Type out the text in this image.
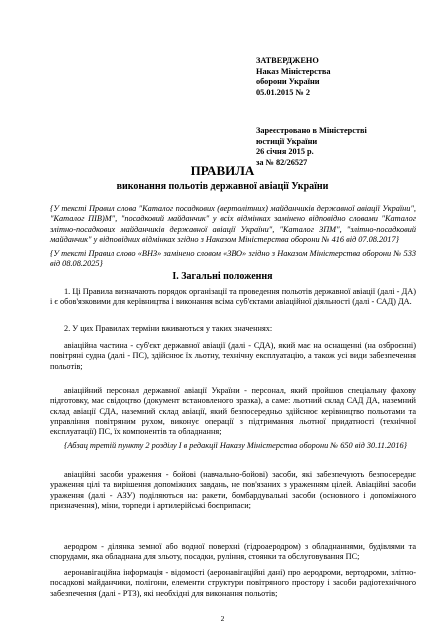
ЗАТВЕРДЖЕНО
Наказ Міністерства
оборони України
05.01.2015 № 2
Зареєстровано в Міністерстві
юстиції України
26 січня 2015 р.
за № 82/26527
ПРАВИЛА
виконання польотів державної авіації України
{У тексті Правил слова "Каталог посадкових (вертолітних) майданчиків державної авіації України", "Каталог ПІВ)М", "посадковий майданчик" у всіх відмінках замінено відповідно словами "Каталог злітно-посадкових майданчиків державної авіації України", "Каталог ЗПМ", "злітно-посадковий майданчик" у відповідних відмінках згідно з Наказом Міністерства оборони № 416 від 07.08.2017}
{У тексті Правил слово «ВНЗ» замінено словом «ЗВО» згідно з Наказом Міністерства оборони № 533 від 08.08.2025}
I. Загальні положення
1. Ці Правила визначають порядок організації та проведення польотів державної авіації (далі - ДА) і є обов'язковими для керівництва і виконання всіма суб'єктами авіаційної діяльності (далі - САД) ДА.
2. У цих Правилах терміни вживаються у таких значеннях:
авіаційна частина - суб'єкт державної авіації (далі - СДА), який має на оснащенні (на озброєнні) повітряні судна (далі - ПС), здійснює їх льотну, технічну експлуатацію, а також усі види забезпечення польотів;
авіаційний персонал державної авіації України - персонал, який пройшов спеціальну фахову підготовку, має свідоцтво (документ встановленого зразка), а саме: льотний склад САД ДА, наземний склад авіації СДА, наземний склад авіації, який безпосередньо здійснює керівництво польотами та управління повітряним рухом, виконує операції з підтримання льотної придатності (технічної експлуатації) ПС, їх компонентів та обладнання;
{Абзац третій пункту 2 розділу I в редакції Наказу Міністерства оборони № 650 від 30.11.2016}
авіаційні засоби ураження - бойові (навчально-бойові) засоби, які забезпечують безпосереднє ураження цілі та вирішення допоміжних завдань, не пов'язаних з ураженням цілей. Авіаційні засоби ураження (далі - АЗУ) поділяються на: ракети, бомбардувальні засоби (основного і допоміжного призначення), міни, торпеди і артилерійські боєприпаси;
аеродром - ділянка земної або водної поверхні (гідроаеродром) з обладнаннями, будівлями та спорудами, яка обладнана для зльоту, посадки, руління, стоянки та обслуговування ПС;
аеронавігаційна інформація - відомості (аеронавігаційні дані) про аеродроми, вертодроми, злітно-посадкові майданчики, полігони, елементи структури повітряного простору і засоби радіотехнічного забезпечення (далі - РТЗ), які необхідні для виконання польотів;
2
